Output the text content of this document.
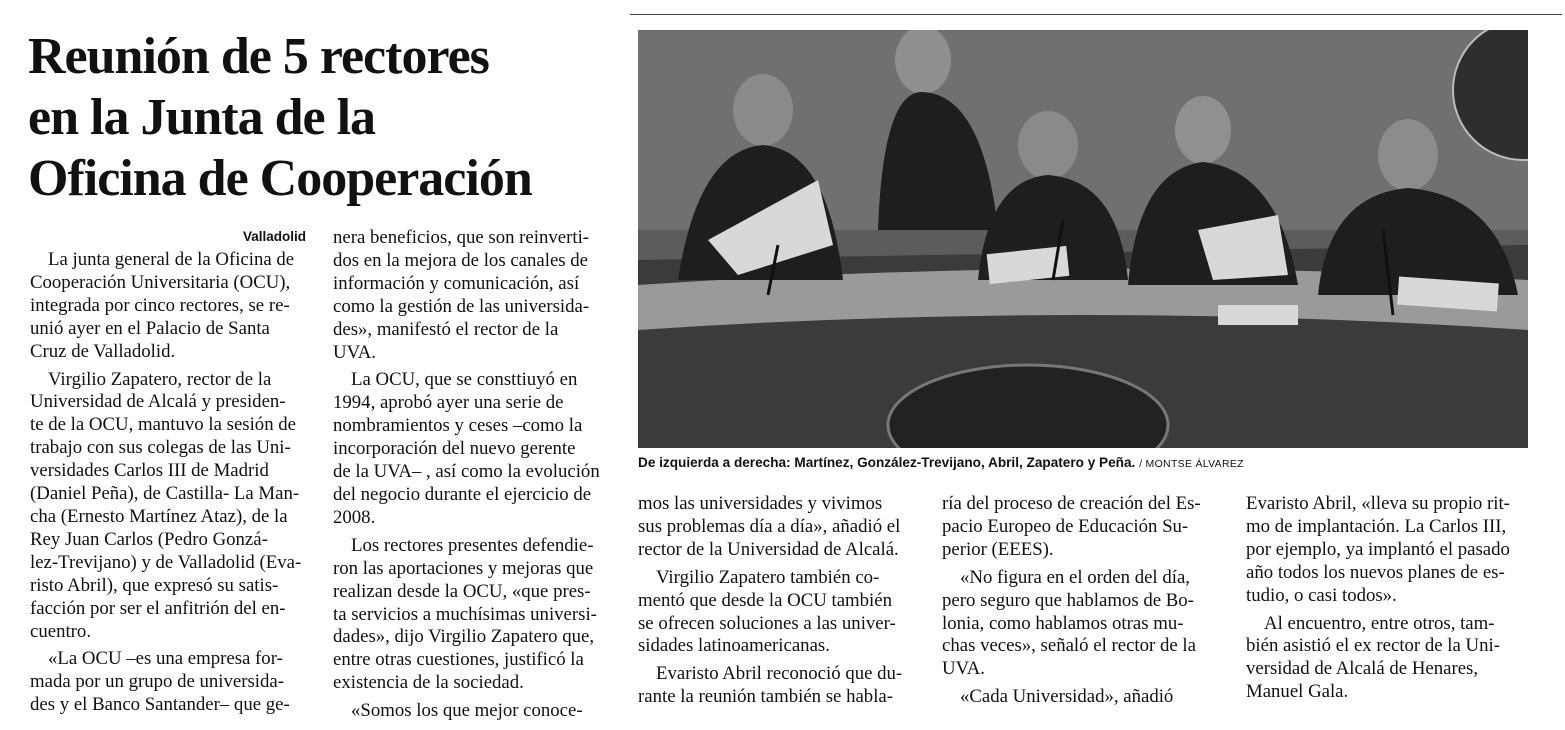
Reunión de 5 rectores
en la Junta de la
Oficina de Cooperación
Valladolid

La junta general de la Oficina de
Cooperación Universitaria (OCU),
integrada por cinco rectores, se re-
unió ayer en el Palacio de Santa
Cruz de Valladolid.

Virgilio Zapatero, rector de la
Universidad de Alcalá y presiden-
te de la OCU, mantuvo la sesión de
trabajo con sus colegas de las Uni-
versidades Carlos III de Madrid
(Daniel Peña), de Castilla- La Man-
cha (Ernesto Martínez Ataz), de la
Rey Juan Carlos (Pedro Gonzá-
lez-Trevijano) y de Valladolid (Eva-
risto Abril), que expresó su satis-
facción por ser el anfitrión del en-
cuentro.

«La OCU –es una empresa for-
mada por un grupo de universida-
des y el Banco Santander– que ge-

nera beneficios, que son reinverti-
dos en la mejora de los canales de
información y comunicación, así
como la gestión de las universida-
des», manifestó el rector de la
UVA.

La OCU, que se consttiuyó en
1994, aprobó ayer una serie de
nombramientos y ceses –como la
incorporación del nuevo gerente
de la UVA– , así como la evolución
del negocio durante el ejercicio de
2008.

Los rectores presentes defendie-
ron las aportaciones y mejoras que
realizan desde la OCU, «que pres-
ta servicios a muchísimas universi-
dades», dijo Virgilio Zapatero que,
entre otras cuestiones, justificó la
existencia de la sociedad.

«Somos los que mejor conoce-

mos las universidades y vivimos
sus problemas día a día», añadió el
rector de la Universidad de Alcalá.

Virgilio Zapatero también co-
mentó que desde la OCU también
se ofrecen soluciones a las univer-
sidades latinoamericanas.

Evaristo Abril reconoció que du-
rante la reunión también se habla-

ría del proceso de creación del Es-
pacio Europeo de Educación Su-
perior (EEES).

«No figura en el orden del día,
pero seguro que hablamos de Bo-
lonia, como hablamos otras mu-
chas veces», señaló el rector de la
UVA.

«Cada Universidad», añadió

Evaristo Abril, «lleva su propio rit-
mo de implantación. La Carlos III,
por ejemplo, ya implantó el pasado
año todos los nuevos planes de es-
tudio, o casi todos».

Al encuentro, entre otros, tam-
bién asistió el ex rector de la Uni-
versidad de Alcalá de Henares,
Manuel Gala.

De izquierda a derecha: Martínez, González-Trevijano, Abril, Zapatero y Peña. / MONTSE ÁLVAREZ
